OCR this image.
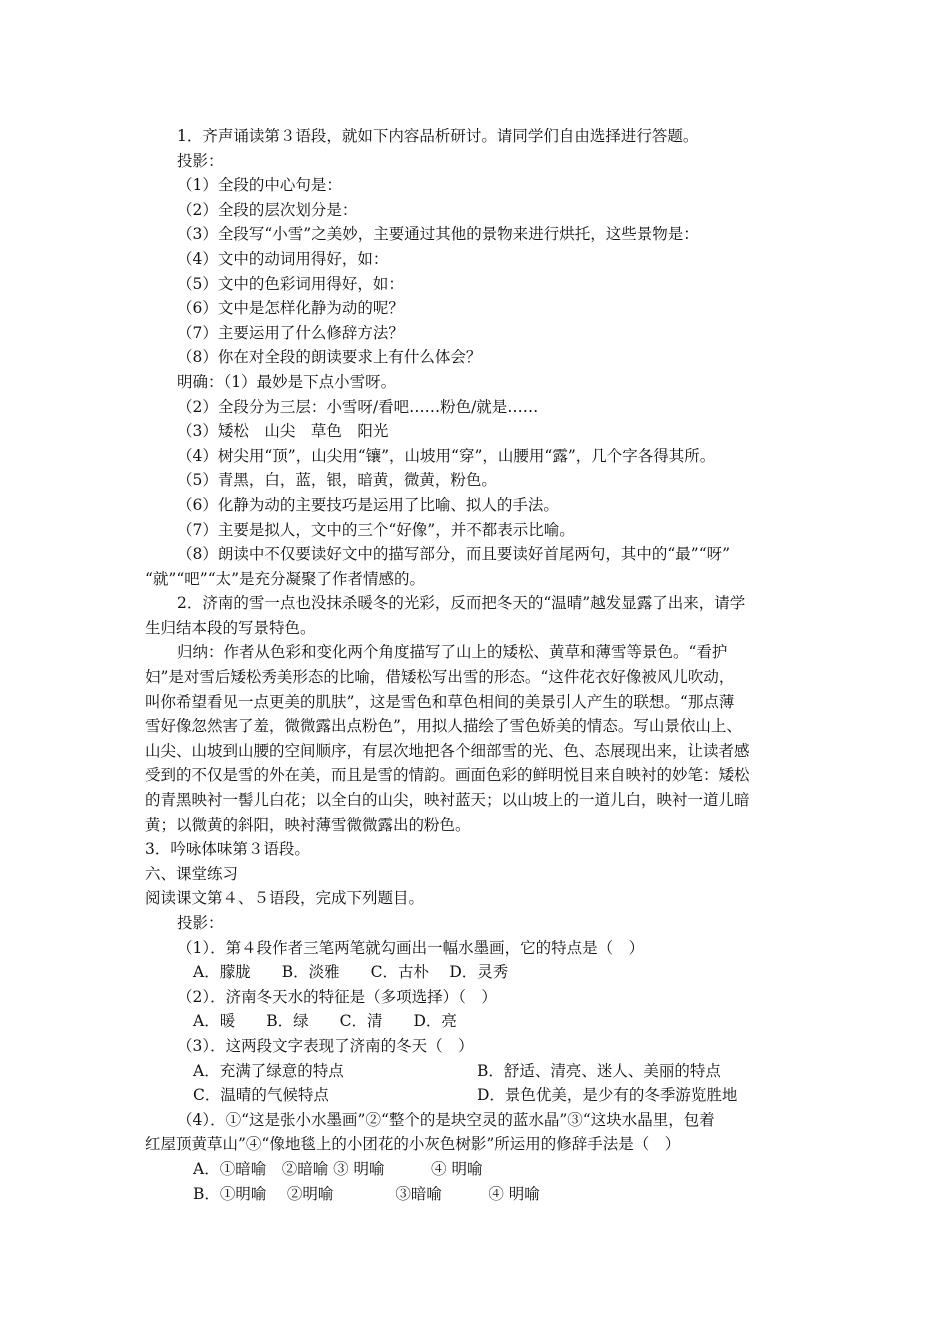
1．齐声诵读第３语段，就如下内容品析研讨。请同学们自由选择进行答题。
投影：
（1）全段的中心句是：
（2）全段的层次划分是：
（3）全段写“小雪”之美妙，主要通过其他的景物来进行烘托，这些景物是：
（4）文中的动词用得好，如：
（5）文中的色彩词用得好，如：
（6）文中是怎样化静为动的呢？
（7）主要运用了什么修辞方法？
（8）你在对全段的朗读要求上有什么体会？
明确：（1）最妙是下点小雪呀。
（2）全段分为三层：小雪呀/看吧……粉色/就是……
（3）矮松　山尖　草色　阳光
（4）树尖用“顶”，山尖用“镶”，山坡用“穿”，山腰用“露”，几个字各得其所。
（5）青黑，白，蓝，银，暗黄，微黄，粉色。
（6）化静为动的主要技巧是运用了比喻、拟人的手法。
（7）主要是拟人，文中的三个“好像”，并不都表示比喻。
（8）朗读中不仅要读好文中的描写部分，而且要读好首尾两句，其中的“最”“呀”
“就”“吧”“太”是充分凝聚了作者情感的。
2．济南的雪一点也没抹杀暖冬的光彩，反而把冬天的“温晴”越发显露了出来，请学
生归结本段的写景特色。
归纳：作者从色彩和变化两个角度描写了山上的矮松、黄草和薄雪等景色。“看护
妇”是对雪后矮松秀美形态的比喻，借矮松写出雪的形态。“这件花衣好像被风儿吹动，
叫你希望看见一点更美的肌肤”，这是雪色和草色相间的美景引人产生的联想。“那点薄
雪好像忽然害了羞，微微露出点粉色”，用拟人描绘了雪色娇美的情态。写山景依山上、
山尖、山坡到山腰的空间顺序，有层次地把各个细部雪的光、色、态展现出来，让读者感
受到的不仅是雪的外在美，而且是雪的情韵。画面色彩的鲜明悦目来自映衬的妙笔：矮松
的青黑映衬一髻儿白花；以全白的山尖，映衬蓝天；以山坡上的一道儿白，映衬一道儿暗
黄；以微黄的斜阳，映衬薄雪微微露出的粉色。
3．吟咏体味第３语段。
六、课堂练习
阅读课文第４、５语段，完成下列题目。
投影：
（1）．第４段作者三笔两笔就勾画出一幅水墨画，它的特点是（　）
A．朦胧　　B．淡雅　　C．古朴　 D．灵秀
（2）．济南冬天水的特征是（多项选择）（　）
A．暖　　B．绿　　C．清　　D．亮
（3）．这两段文字表现了济南的冬天（　）
A．充满了绿意的特点	B．舒适、清亮、迷人、美丽的特点
C．温晴的气候特点	D．景色优美，是少有的冬季游览胜地
（4）．①“这是张小水墨画”②“整个的是块空灵的蓝水晶”③“这块水晶里，包着
红屋顶黄草山”④“像地毯上的小团花的小灰色树影”所运用的修辞手法是（　）
A．①暗喻　②暗喻 ③ 明喻　　　④ 明喻
B．①明喻　 ②明喻　　　　③暗喻　　　④ 明喻
